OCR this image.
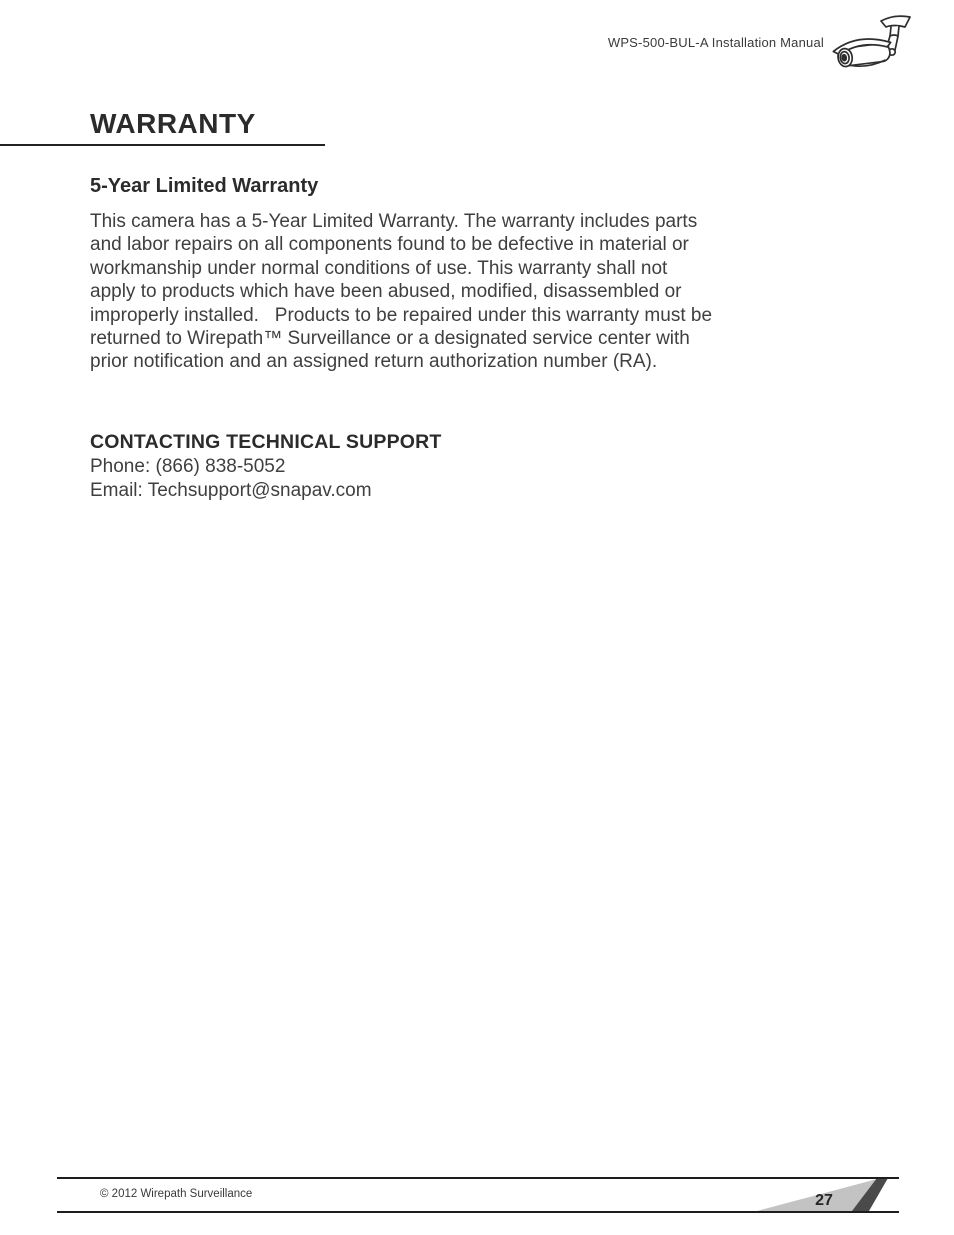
WPS-500-BUL-A Installation Manual
WARRANTY
5-Year Limited Warranty

This camera has a 5-Year Limited Warranty. The warranty includes parts and labor repairs on all components found to be defective in material or workmanship under normal conditions of use. This warranty shall not apply to products which have been abused, modified, disassembled or improperly installed.   Products to be repaired under this warranty must be returned to Wirepath™ Surveillance or a designated service center with prior notification and an assigned return authorization number (RA).

CONTACTING TECHNICAL SUPPORT

Phone: (866) 838-5052

Email: Techsupport@snapav.com

© 2012 Wirepath Surveillance	27
